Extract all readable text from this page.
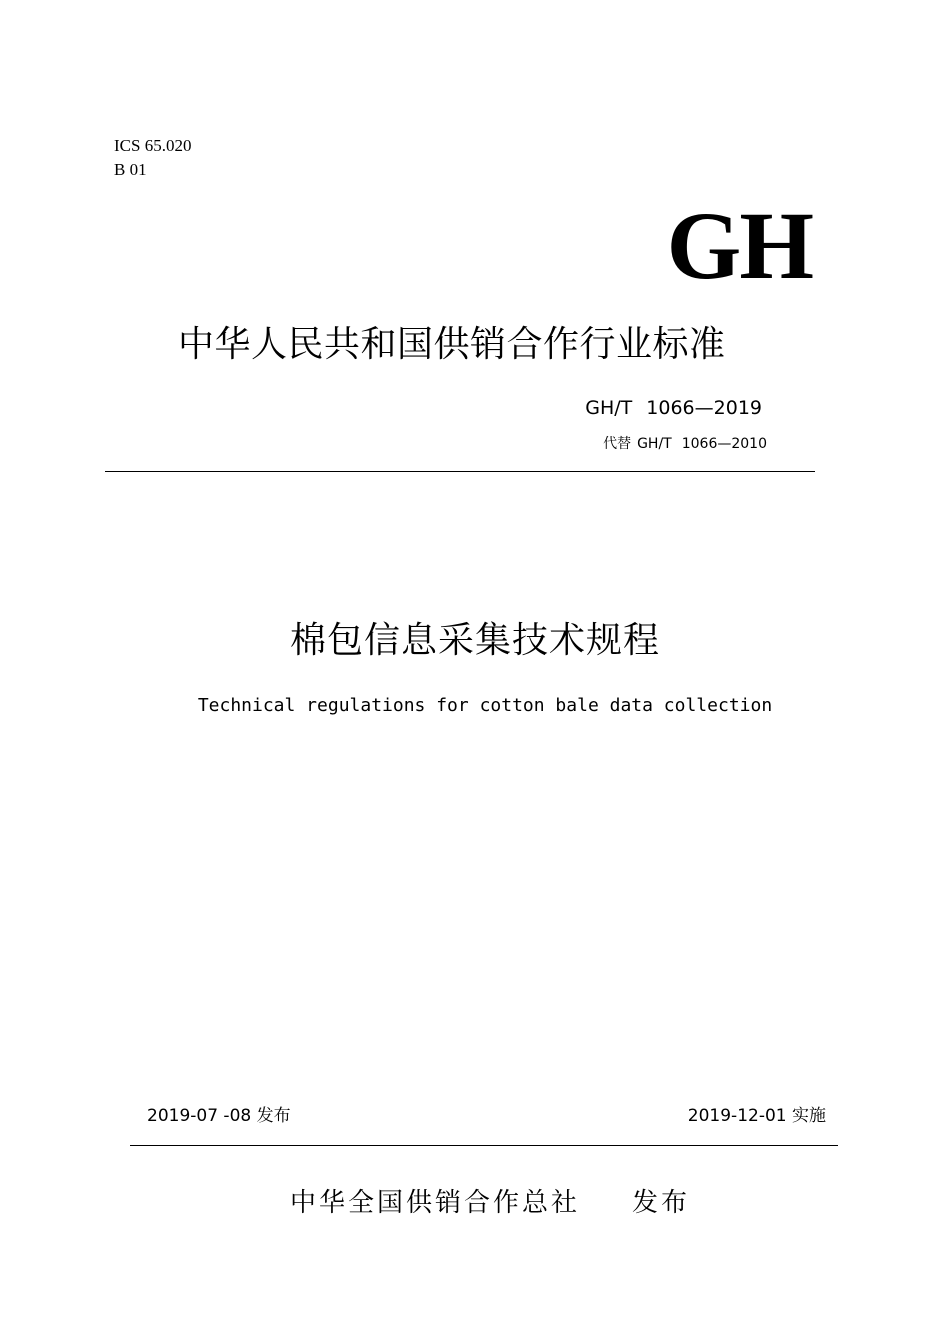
ICS 65.020
B 01
GH
中华人民共和国供销合作行业标准
GH/T 1066—2019
代替 GH/T 1066—2010
棉包信息采集技术规程
Technical regulations for cotton bale data collection
2019-07 -08 发布	2019-12-01 实施
中华全国供销合作总社 发布
